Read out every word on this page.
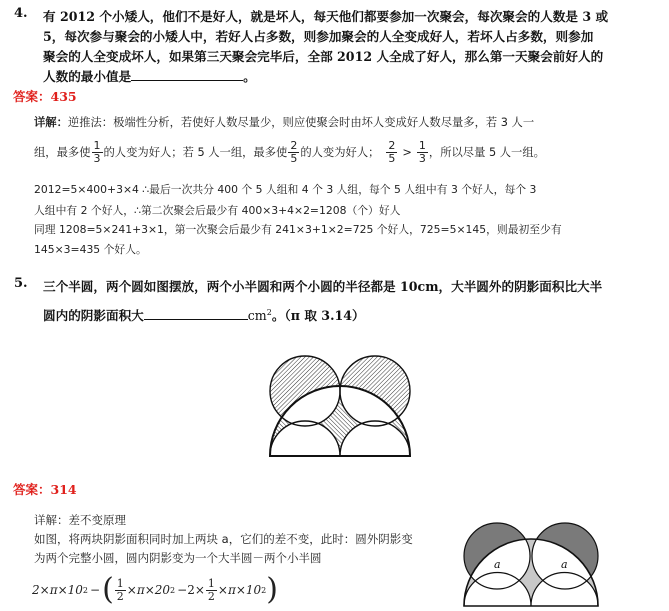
4. 有 2012 个小矮人，他们不是好人，就是坏人，每天他们都要参加一次聚会，每次聚会的人数是 3 或
5，每次参与聚会的小矮人中，若好人占多数，则参加聚会的人全变成好人，若坏人占多数，则参加
聚会的人全变成坏人，如果第三天聚会完毕后，全部 2012 人全成了好人，那么第一天聚会前好人的
人数的最小值是	。
答案：435
详解：逆推法：极端性分析，若使好人数尽量少，则应使聚会时由坏人变成好人数尽量多，若 3 人一
组，最多使 $\frac{1}{3}$ 的人变为好人；若 5 人一组，最多使 $\frac{2}{5}$ 的人变为好人； $\frac{2}{5} > \frac{1}{3}$ ，所以尽量 5 人一组。
2012=5×400+3×4 ∴最后一次共分 400 个 5 人组和 4 个 3 人组，每个 5 人组中有 3 个好人，每个 3
人组中有 2 个好人，∴第二次聚会后最少有 400×3+4×2=1208（个）好人
同理 1208=5×241+3×1，第一次聚会后最少有 241×3+1×2=725 个好人，725=5×145，则最初至少有
145×3=435 个好人。
5. 三个半圆，两个圆如图摆放，两个小半圆和两个小圆的半径都是 10cm，大半圆外的阴影面积比大半
圆内的阴影面积大	$cm^2$。（π 取 3.14）
答案：314
详解：差不变原理
如图，将两块阴影面积同时加上两块 a，它们的差不变，此时：圆外阴影变
为两个完整小圆，圆内阴影变为一个大半圆－两个小半圆
2×π×10 2 − ( $\frac{1}{2} \times\pi\times 20$ $2 -2\times \frac{1}{2} \times\pi\times 10$ 2 )
a	a
